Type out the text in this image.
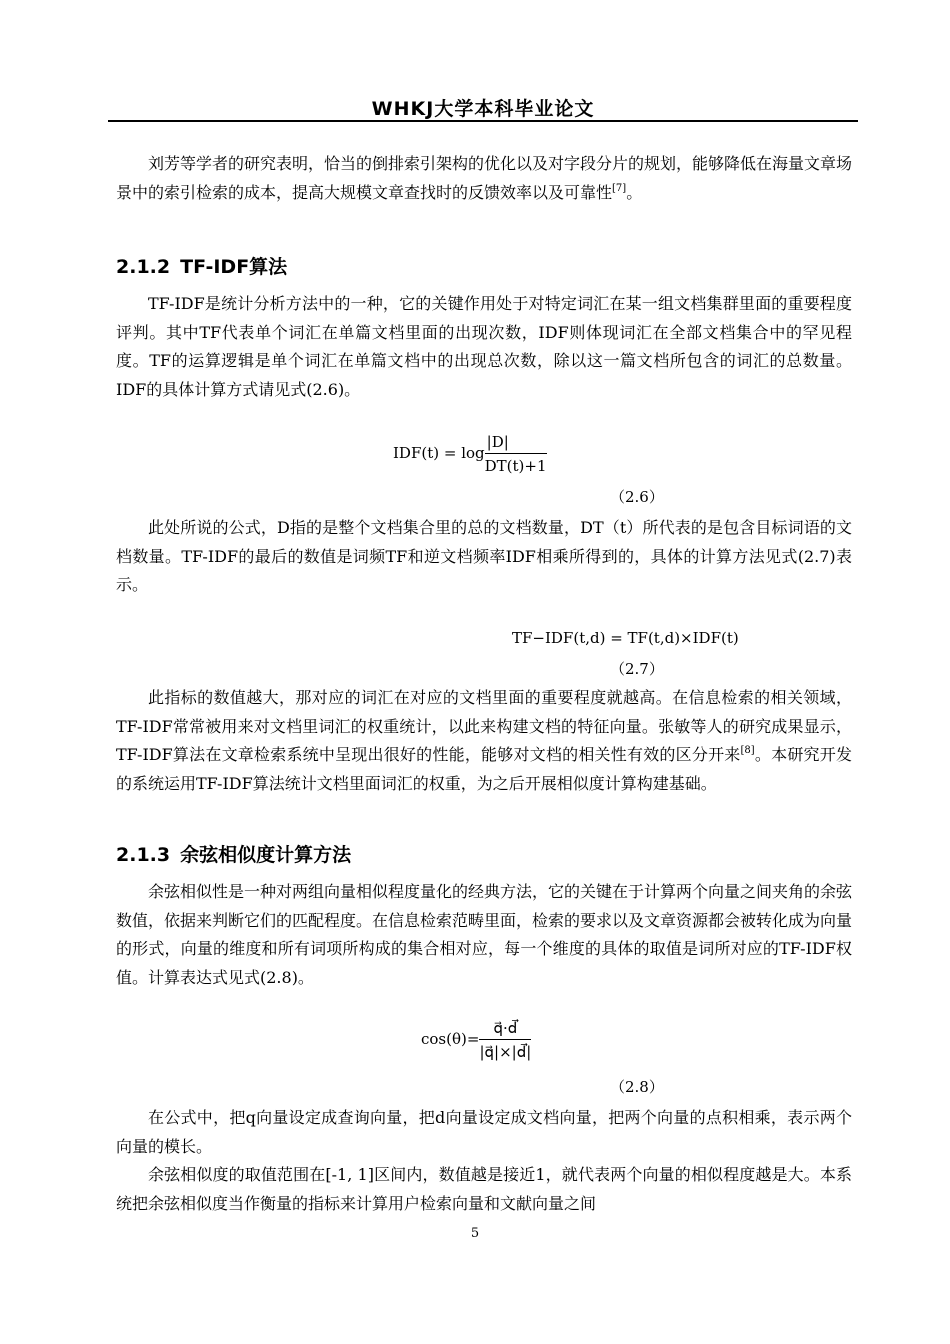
WHKJ大学本科毕业论文

刘芳等学者的研究表明，恰当的倒排索引架构的优化以及对字段分片的规划，能够降低在海量文章场景中的索引检索的成本，提高大规模文章查找时的反馈效率以及可靠性[7]。

2.1.2 TF-IDF算法

TF-IDF是统计分析方法中的一种，它的关键作用处于对特定词汇在某一组文档集群里面的重要程度评判。其中TF代表单个词汇在单篇文档里面的出现次数，IDF则体现词汇在全部文档集合中的罕见程度。TF的运算逻辑是单个词汇在单篇文档中的出现总次数，除以这一篇文档所包含的词汇的总数量。IDF的具体计算方式请见式(2.6)。

$IDF(t) = \log \frac{|D|}{DT(t)+1}$
（2.6）

此处所说的公式，D指的是整个文档集合里的总的文档数量，DT（t）所代表的是包含目标词语的文档数量。TF-IDF的最后的数值是词频TF和逆文档频率IDF相乘所得到的，具体的计算方法见式(2.7)表示。

TF−IDF(t,d) = TF(t,d)×IDF(t)
（2.7）

此指标的数值越大，那对应的词汇在对应的文档里面的重要程度就越高。在信息检索的相关领域，TF-IDF常常被用来对文档里词汇的权重统计，以此来构建文档的特征向量。张敏等人的研究成果显示，TF-IDF算法在文章检索系统中呈现出很好的性能，能够对文档的相关性有效的区分开来[8]。本研究开发的系统运用TF-IDF算法统计文档里面词汇的权重，为之后开展相似度计算构建基础。

2.1.3 余弦相似度计算方法

余弦相似性是一种对两组向量相似程度量化的经典方法，它的关键在于计算两个向量之间夹角的余弦数值，依据来判断它们的匹配程度。在信息检索范畴里面，检索的要求以及文章资源都会被转化成为向量的形式，向量的维度和所有词项所构成的集合相对应，每一个维度的具体的取值是词所对应的TF-IDF权值。计算表达式见式(2.8)。

$\cos(\theta)= \frac{q⃗\cdot d⃗}{|q⃗|\times|d⃗|}$
（2.8）

在公式中，把q向量设定成查询向量，把d向量设定成文档向量，把两个向量的点积相乘，表示两个向量的模长。

余弦相似度的取值范围在[-1, 1]区间内，数值越是接近1，就代表两个向量的相似程度越是大。本系统把余弦相似度当作衡量的指标来计算用户检索向量和文献向量之间

5
